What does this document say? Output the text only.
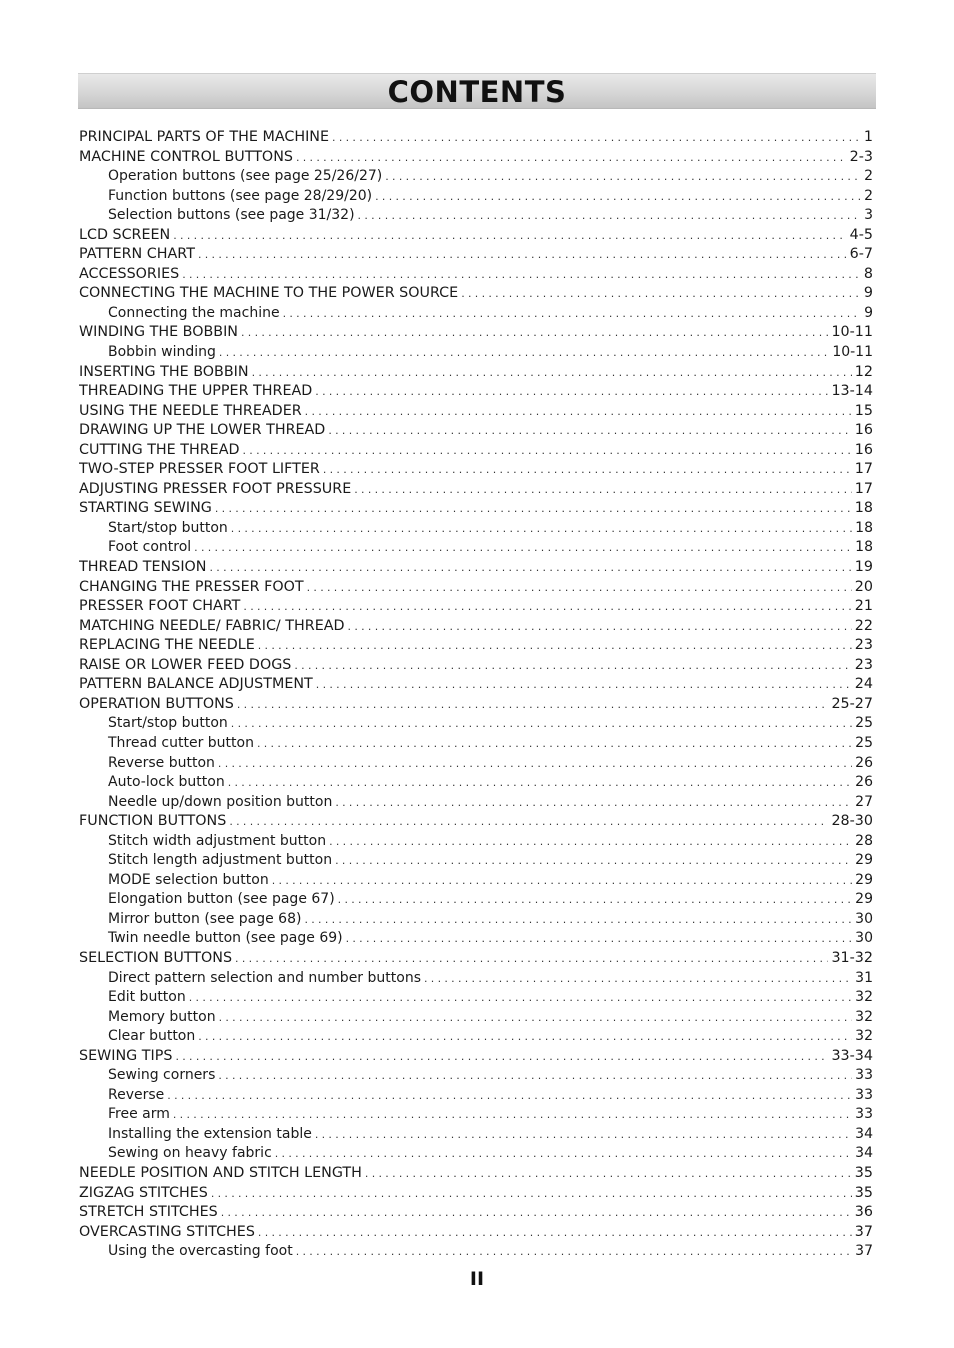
CONTENTS
PRINCIPAL PARTS OF THE MACHINE .....	1
MACHINE CONTROL BUTTONS .....	2-3
Operation buttons (see page 25/26/27) .....	2
Function buttons (see page 28/29/20) .....	2
Selection buttons (see page 31/32) .....	3
LCD SCREEN .....	4-5
PATTERN CHART .....	6-7
ACCESSORIES .....	8
CONNECTING THE MACHINE TO THE POWER SOURCE .....	9
Connecting the machine .....	9
WINDING THE BOBBIN .....	10-11
Bobbin winding .....	10-11
INSERTING THE BOBBIN .....	12
THREADING THE UPPER THREAD .....	13-14
USING THE NEEDLE THREADER .....	15
DRAWING UP THE LOWER THREAD .....	16
CUTTING THE THREAD .....	16
TWO-STEP PRESSER FOOT LIFTER .....	17
ADJUSTING PRESSER FOOT PRESSURE .....	17
STARTING SEWING .....	18
Start/stop button .....	18
Foot control .....	18
THREAD TENSION .....	19
CHANGING THE PRESSER FOOT .....	20
PRESSER FOOT CHART .....	21
MATCHING NEEDLE/ FABRIC/ THREAD .....	22
REPLACING THE NEEDLE .....	23
RAISE OR LOWER FEED DOGS .....	23
PATTERN BALANCE ADJUSTMENT .....	24
OPERATION BUTTONS .....	25-27
Start/stop button .....	25
Thread cutter button .....	25
Reverse button .....	26
Auto-lock button .....	26
Needle up/down position button .....	27
FUNCTION BUTTONS .....	28-30
Stitch width adjustment button .....	28
Stitch length adjustment button .....	29
MODE selection button .....	29
Elongation button (see page 67) .....	29
Mirror button (see page 68) .....	30
Twin needle button (see page 69) .....	30
SELECTION BUTTONS .....	31-32
Direct pattern selection and number buttons .....	31
Edit button .....	32
Memory button .....	32
Clear button .....	32
SEWING TIPS .....	33-34
Sewing corners .....	33
Reverse .....	33
Free arm .....	33
Installing the extension table .....	34
Sewing on heavy fabric .....	34
NEEDLE POSITION AND STITCH LENGTH .....	35
ZIGZAG STITCHES .....	35
STRETCH STITCHES .....	36
OVERCASTING STITCHES .....	37
Using the overcasting foot .....	37
II
